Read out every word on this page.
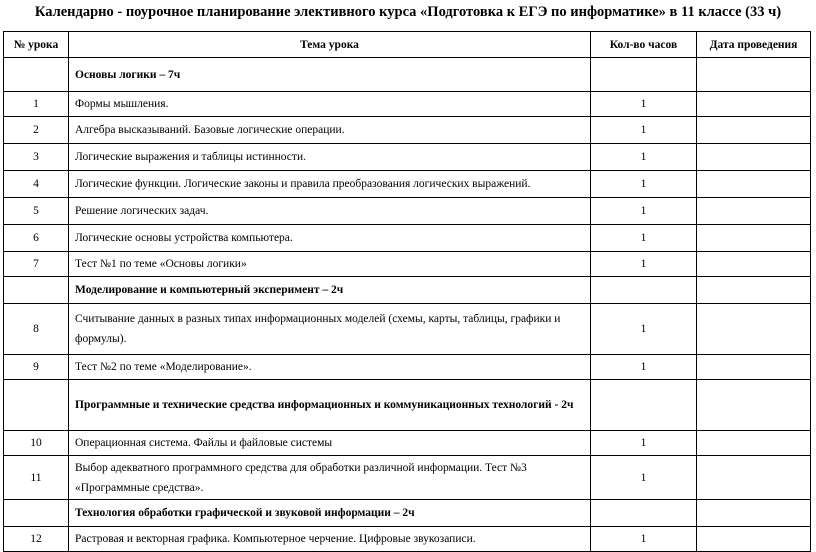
Календарно - поурочное планирование элективного курса «Подготовка к ЕГЭ по информатике» в 11 классе (33 ч)
№ урока	Тема урока	Кол-во часов	Дата проведения
	Основы логики – 7ч		
1	Формы мышления.	1	
2	Алгебра высказываний. Базовые логические операции.	1	
3	Логические выражения и таблицы истинности.	1	
4	Логические функции. Логические законы и правила преобразования логических выражений.	1	
5	Решение логических задач.	1	
6	Логические основы устройства компьютера.	1	
7	Тест №1 по теме «Основы логики»	1	
	Моделирование и компьютерный эксперимент – 2ч		
8	Считывание данных в разных типах информационных моделей (схемы, карты, таблицы, графики и формулы).	1	
9	Тест №2 по теме «Моделирование».	1	
	Программные и технические средства информационных и коммуникационных технологий - 2ч		
10	Операционная система. Файлы и файловые системы	1	
11	Выбор адекватного программного средства для обработки различной информации. Тест №3 «Программные средства».	1	
	Технология обработки графической и звуковой информации – 2ч		
12	Растровая и векторная графика. Компьютерное черчение. Цифровые звукозаписи.	1	
